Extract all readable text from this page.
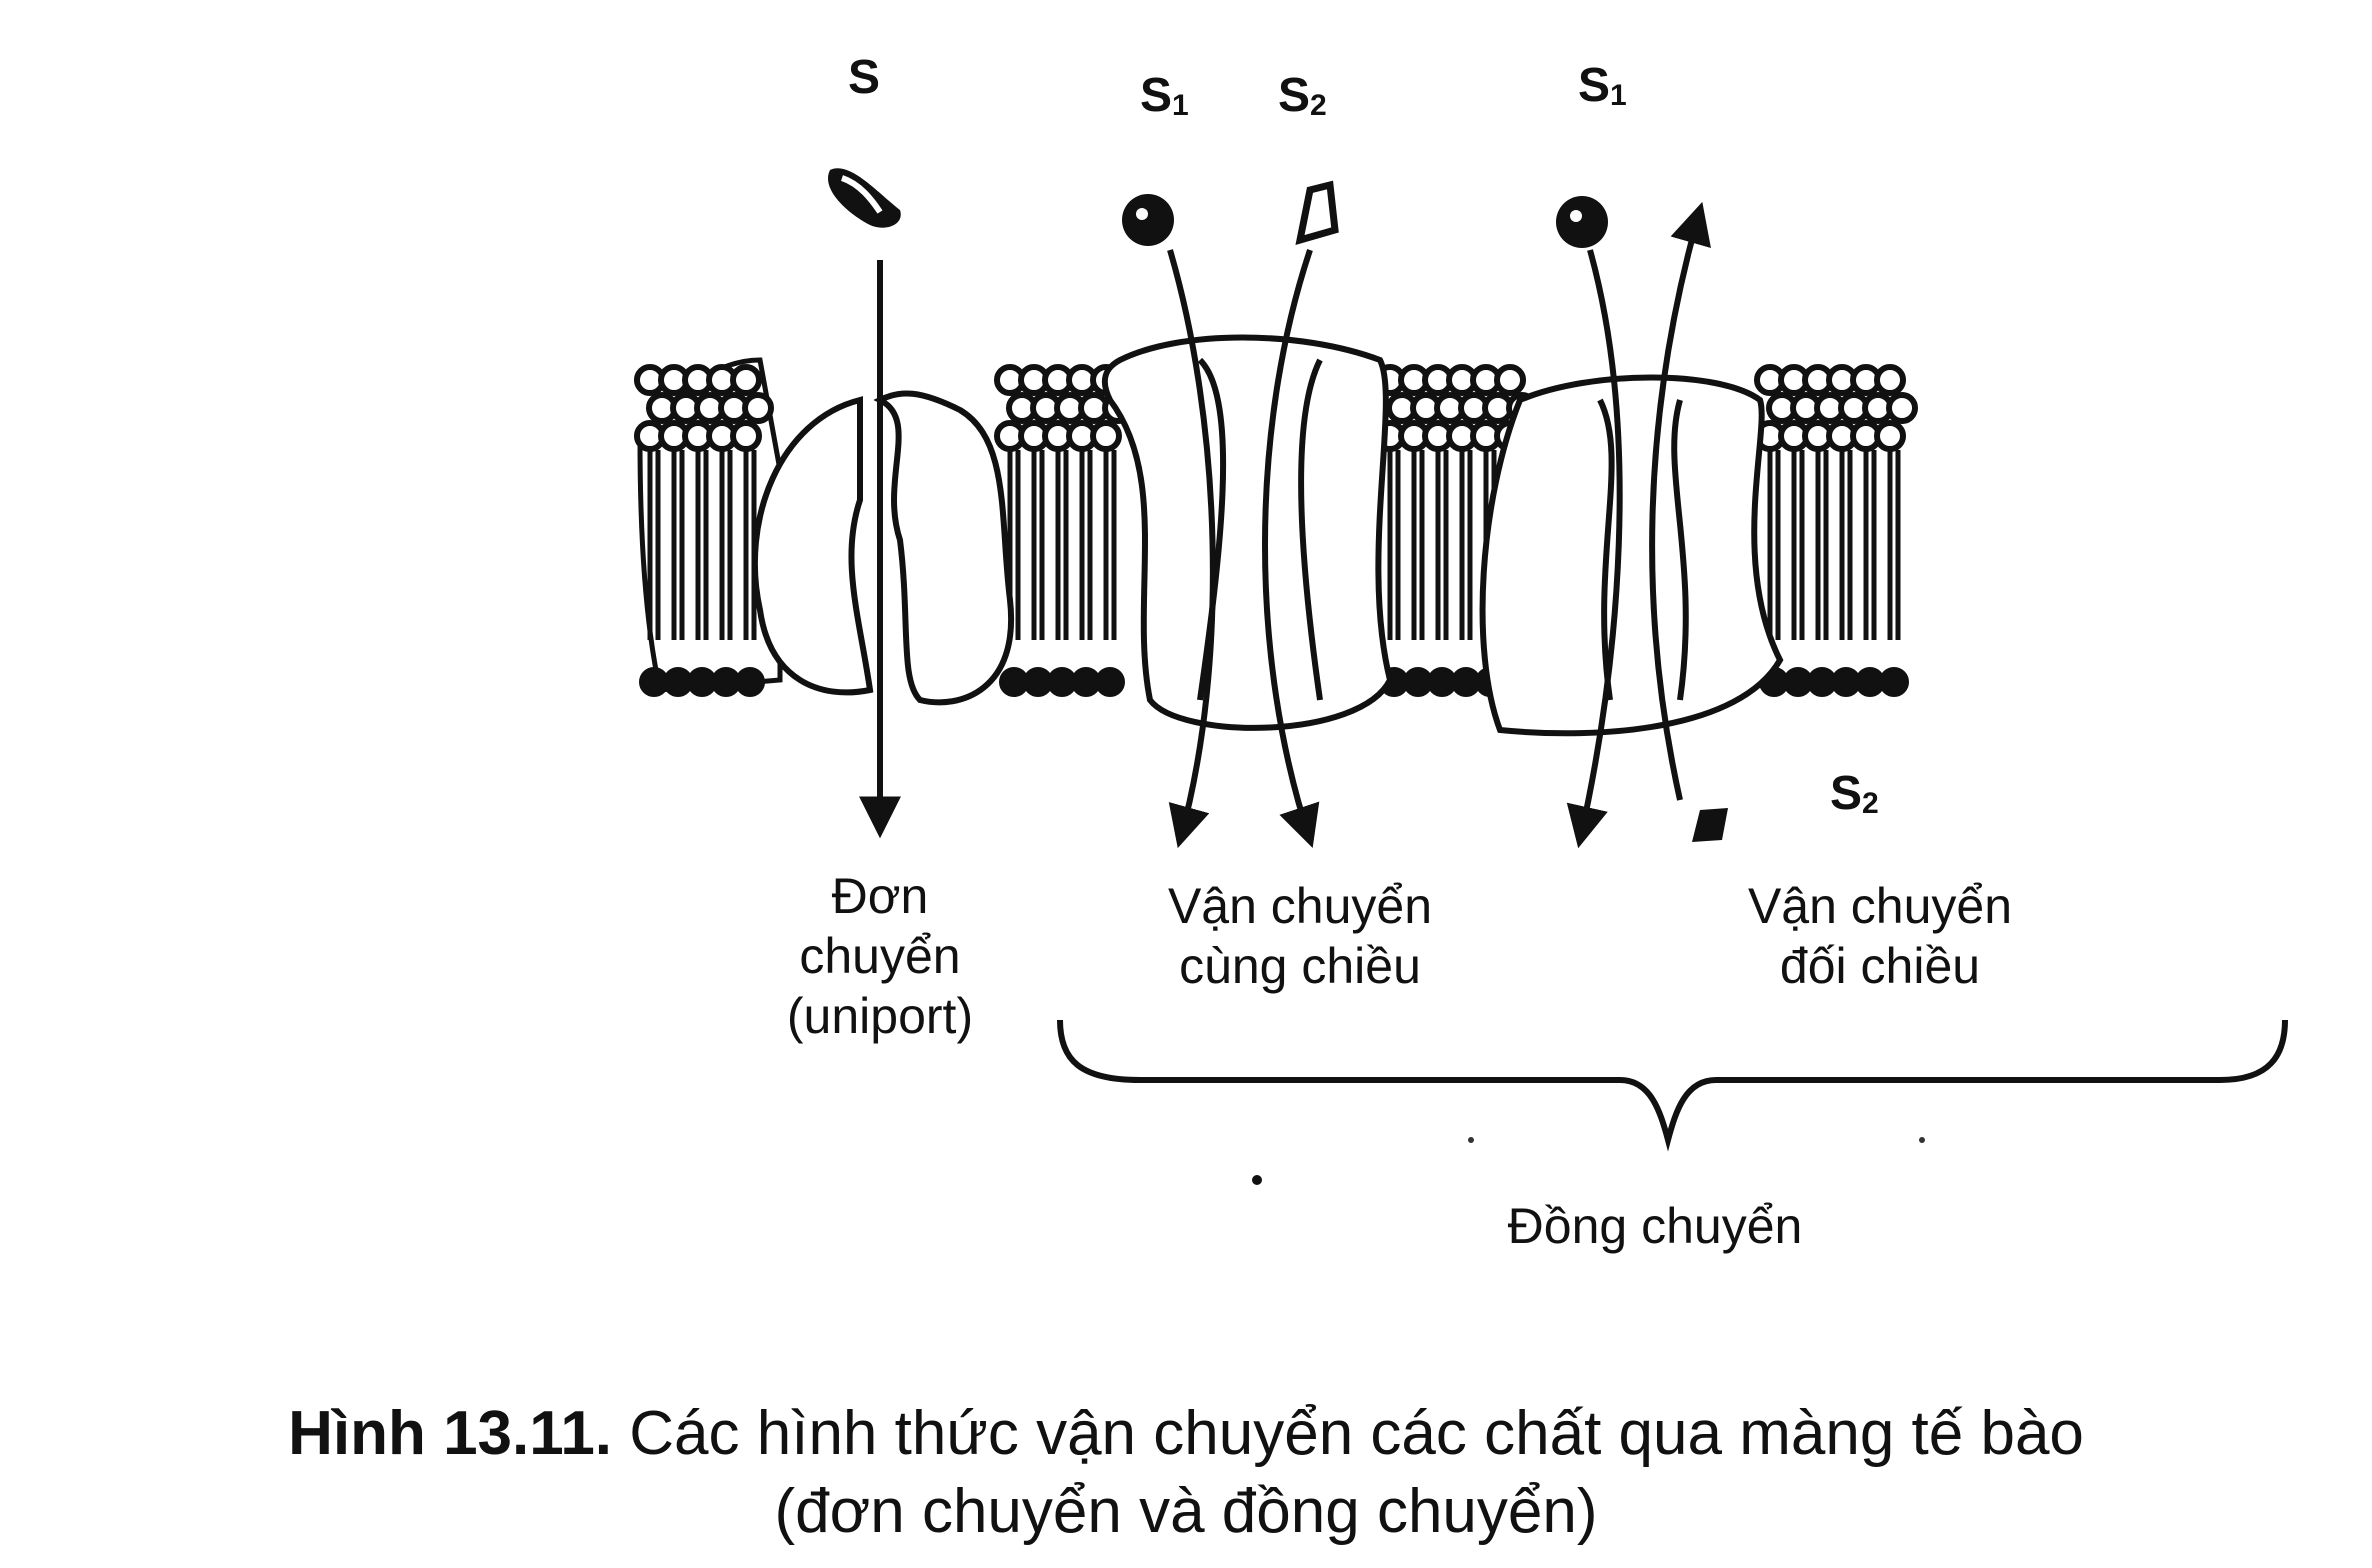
S	$S_1$ $S_2$	$S_1$
$S_2$
Đơn
chuyển
(uniport)
Vận chuyển
cùng chiều
Vận chuyển
đối chiều
Đồng chuyển
Hình 13.11. Các hình thức vận chuyển các chất qua màng tế bào
(đơn chuyển và đồng chuyển)
